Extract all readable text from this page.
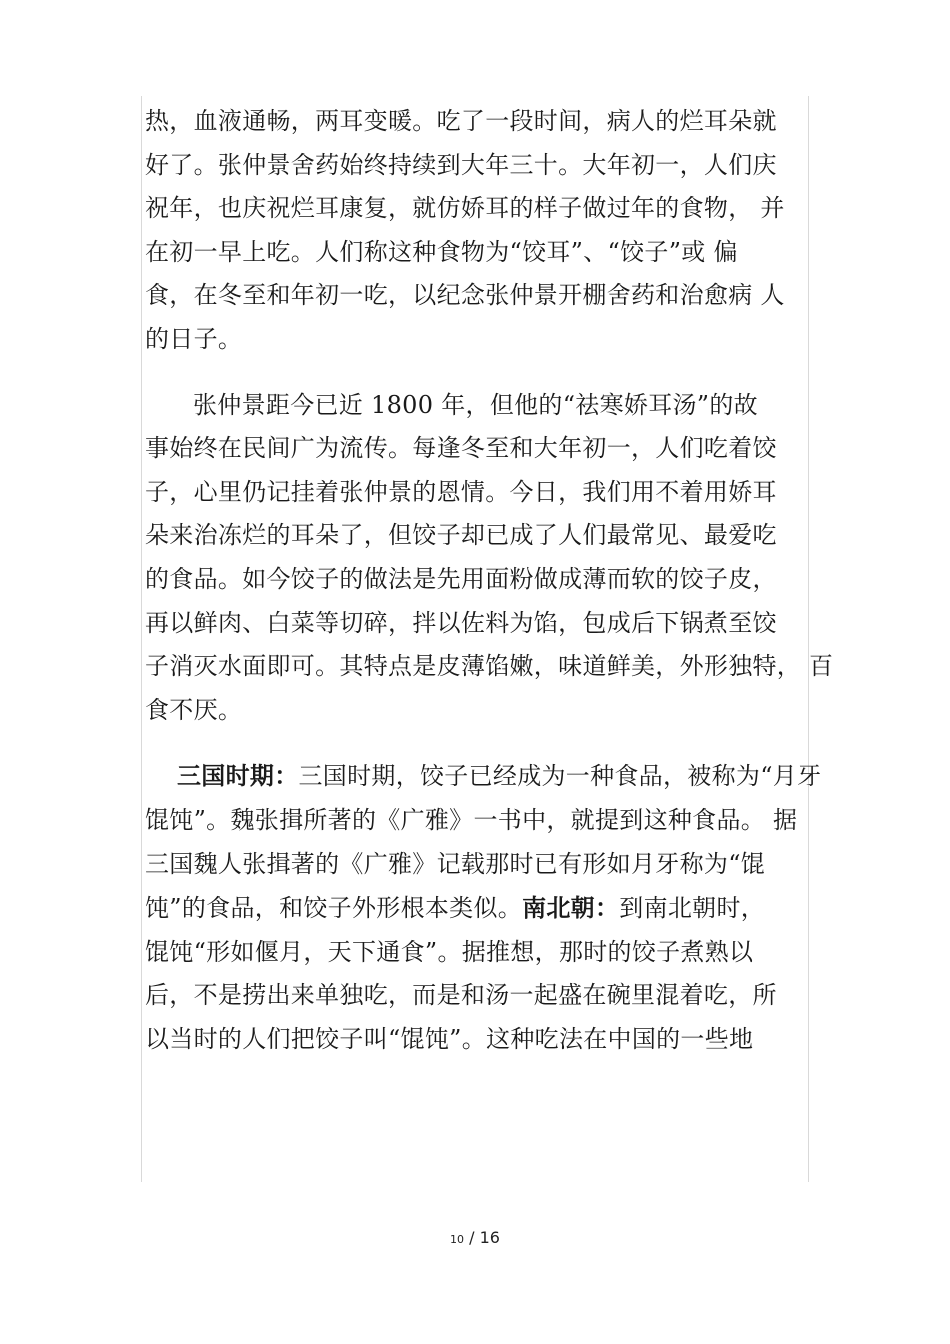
热，血液通畅，两耳变暖。吃了一段时间，病人的烂耳朵就
好了。张仲景舍药始终持续到大年三十。大年初一，人们庆
祝年，也庆祝烂耳康复，就仿娇耳的样子做过年的食物， 并
在初一早上吃。人们称这种食物为“饺耳”、“饺子”或 偏
食，在冬至和年初一吃，以纪念张仲景开棚舍药和治愈病 人
的日子。

张仲景距今已近 1800 年，但他的“祛寒娇耳汤”的故
事始终在民间广为流传。每逢冬至和大年初一，人们吃着饺
子，心里仍记挂着张仲景的恩情。今日，我们用不着用娇耳
朵来治冻烂的耳朵了，但饺子却已成了人们最常见、最爱吃
的食品。如今饺子的做法是先用面粉做成薄而软的饺子皮，
再以鲜肉、白菜等切碎，拌以佐料为馅，包成后下锅煮至饺
子消灭水面即可。其特点是皮薄馅嫩，味道鲜美，外形独特， 百
食不厌。

三国时期：三国时期，饺子已经成为一种食品，被称为“月牙
馄饨”。魏张揖所著的《广雅》一书中，就提到这种食品。 据
三国魏人张揖著的《广雅》记载那时已有形如月牙称为“馄
饨”的食品，和饺子外形根本类似。南北朝：到南北朝时，
馄饨“形如偃月，天下通食”。据推想，那时的饺子煮熟以
后，不是捞出来单独吃，而是和汤一起盛在碗里混着吃，所
以当时的人们把饺子叫“馄饨”。这种吃法在中国的一些地

10 / 16
